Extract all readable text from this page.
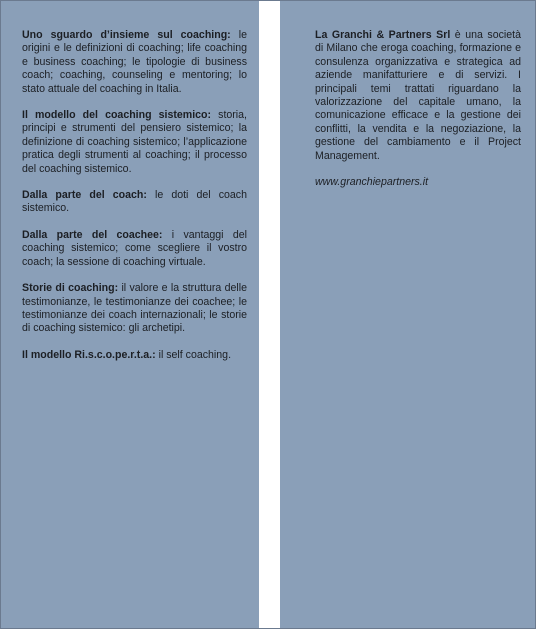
Uno sguardo d’insieme sul coaching: le origini e le definizioni di coaching; life coaching e business coaching; le tipologie di business coach; coaching, counseling e mentoring; lo stato attuale del coaching in Italia.

Il modello del coaching sistemico: storia, principi e strumenti del pensiero sistemico; la definizione di coaching sistemico; l’applicazione pratica degli strumenti al coaching; il processo del coaching sistemico.

Dalla parte del coach: le doti del coach sistemico.

Dalla parte del coachee: i vantaggi del coaching sistemico; come scegliere il vostro coach; la sessione di coaching virtuale.

Storie di coaching: il valore e la struttura delle testimonianze, le testimonianze dei coachee; le testimonianze dei coach internazionali; le storie di coaching sistemico: gli archetipi.

Il modello Ri.s.c.o.pe.r.t.a.: il self coaching.

La Granchi & Partners Srl è una società di Milano che eroga coaching, formazione e consulenza organizzativa e strategica ad aziende manifatturiere e di servizi. I principali temi trattati riguardano la valorizzazione del capitale umano, la comunicazione efficace e la gestione dei conflitti, la vendita e la negoziazione, la gestione del cambiamento e il Project Management.

www.granchiepartners.it
